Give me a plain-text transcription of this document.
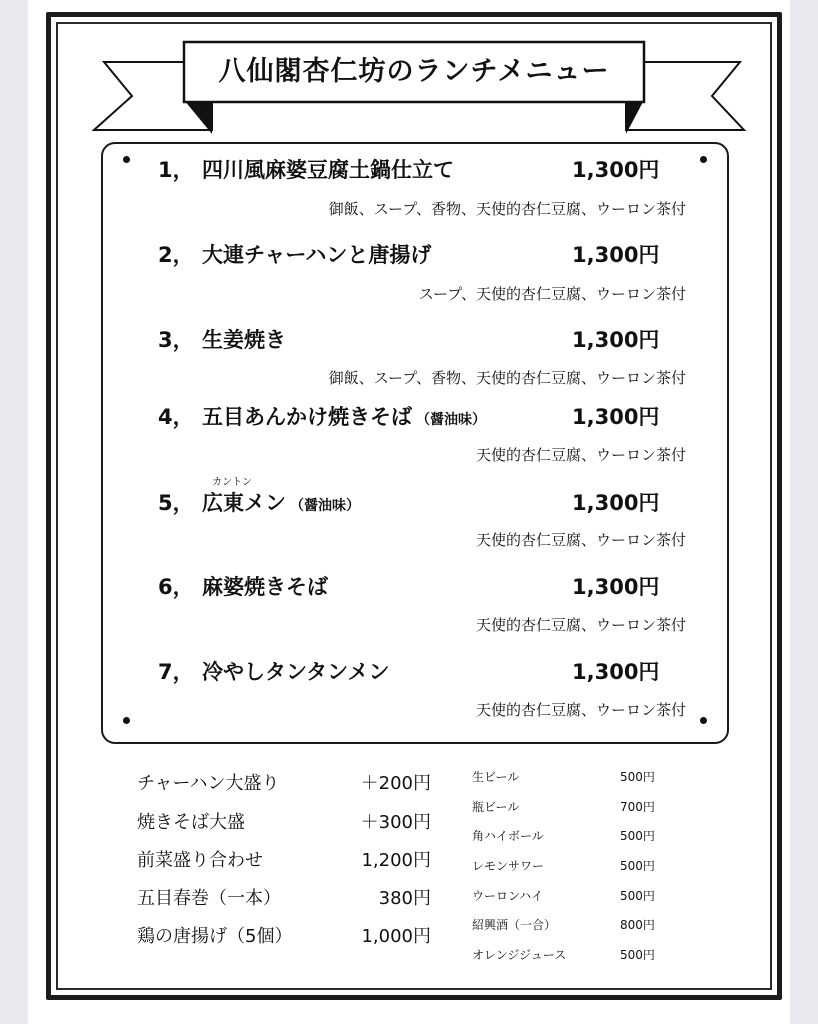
八仙閣杏仁坊のランチメニュー
1， 四川風麻婆豆腐土鍋仕立て	1,300円
御飯、スープ、香物、天使的杏仁豆腐、ウーロン茶付
2， 大連チャーハンと唐揚げ	1,300円
スープ、天使的杏仁豆腐、ウーロン茶付
3， 生姜焼き	1,300円
御飯、スープ、香物、天使的杏仁豆腐、ウーロン茶付
4， 五目あんかけ焼きそば （醤油味）	1,300円
天使的杏仁豆腐、ウーロン茶付
カントン
5， 広東メン （醤油味）	1,300円
天使的杏仁豆腐、ウーロン茶付
6， 麻婆焼きそば	1,300円
天使的杏仁豆腐、ウーロン茶付
7， 冷やしタンタンメン	1,300円
天使的杏仁豆腐、ウーロン茶付
チャーハン大盛り	＋200円
焼きそば大盛	＋300円
前菜盛り合わせ	1,200円
五目春巻（一本）	380円
鶏の唐揚げ（5個）	1,000円
生ビール	500円
瓶ビール	700円
角ハイボール	500円
レモンサワー	500円
ウーロンハイ	500円
紹興酒（一合）	800円
オレンジジュース	500円
